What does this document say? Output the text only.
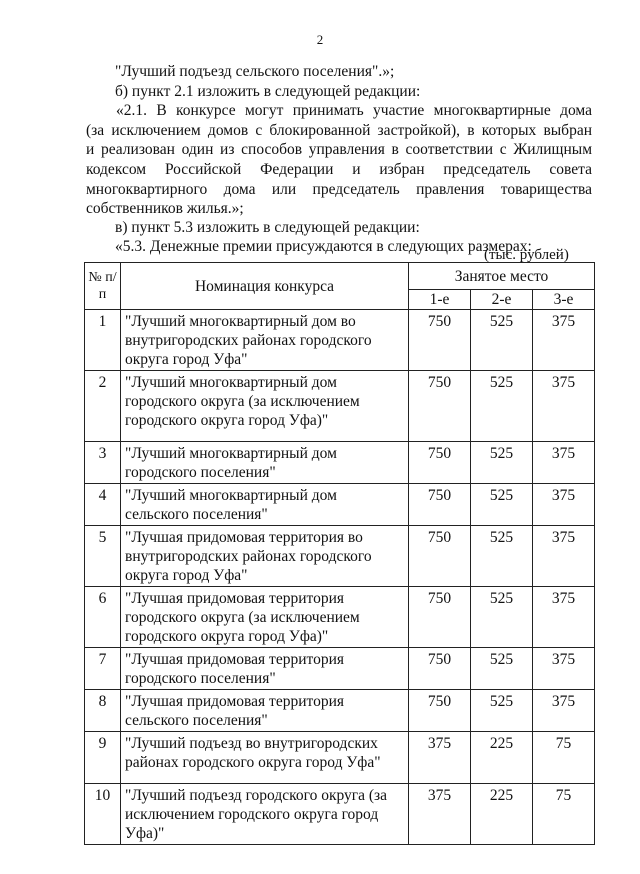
2
"Лучший подъезд сельского поселения".»;
б) пункт 2.1 изложить в следующей редакции:
«2.1. В конкурсе могут принимать участие многоквартирные дома
(за исключением домов с блокированной застройкой), в которых выбран
и реализован один из способов управления в соответствии с Жилищным
кодексом Российской Федерации и избран председатель совета
многоквартирного дома или председатель правления товарищества
собственников жилья.»;
в) пункт 5.3 изложить в следующей редакции:
«5.3. Денежные премии присуждаются в следующих размерах:
(тыс. рублей)
№ п/п	Номинация конкурса	Занятое место		
		1-е	2-е	3-е
1	"Лучший многоквартирный дом во внутригородских районах городского округа город Уфа"	750	525	375
2	"Лучший многоквартирный дом городского округа (за исключением городского округа город Уфа)"	750	525	375
3	"Лучший многоквартирный дом городского поселения"	750	525	375
4	"Лучший многоквартирный дом сельского поселения"	750	525	375
5	"Лучшая придомовая территория во внутригородских районах городского округа город Уфа"	750	525	375
6	"Лучшая придомовая территория городского округа (за исключением городского округа город Уфа)"	750	525	375
7	"Лучшая придомовая территория городского поселения"	750	525	375
8	"Лучшая придомовая территория сельского поселения"	750	525	375
9	"Лучший подъезд во внутригородских районах городского округа город Уфа"	375	225	75
10	"Лучший подъезд городского округа (за исключением городского округа город Уфа)"	375	225	75
